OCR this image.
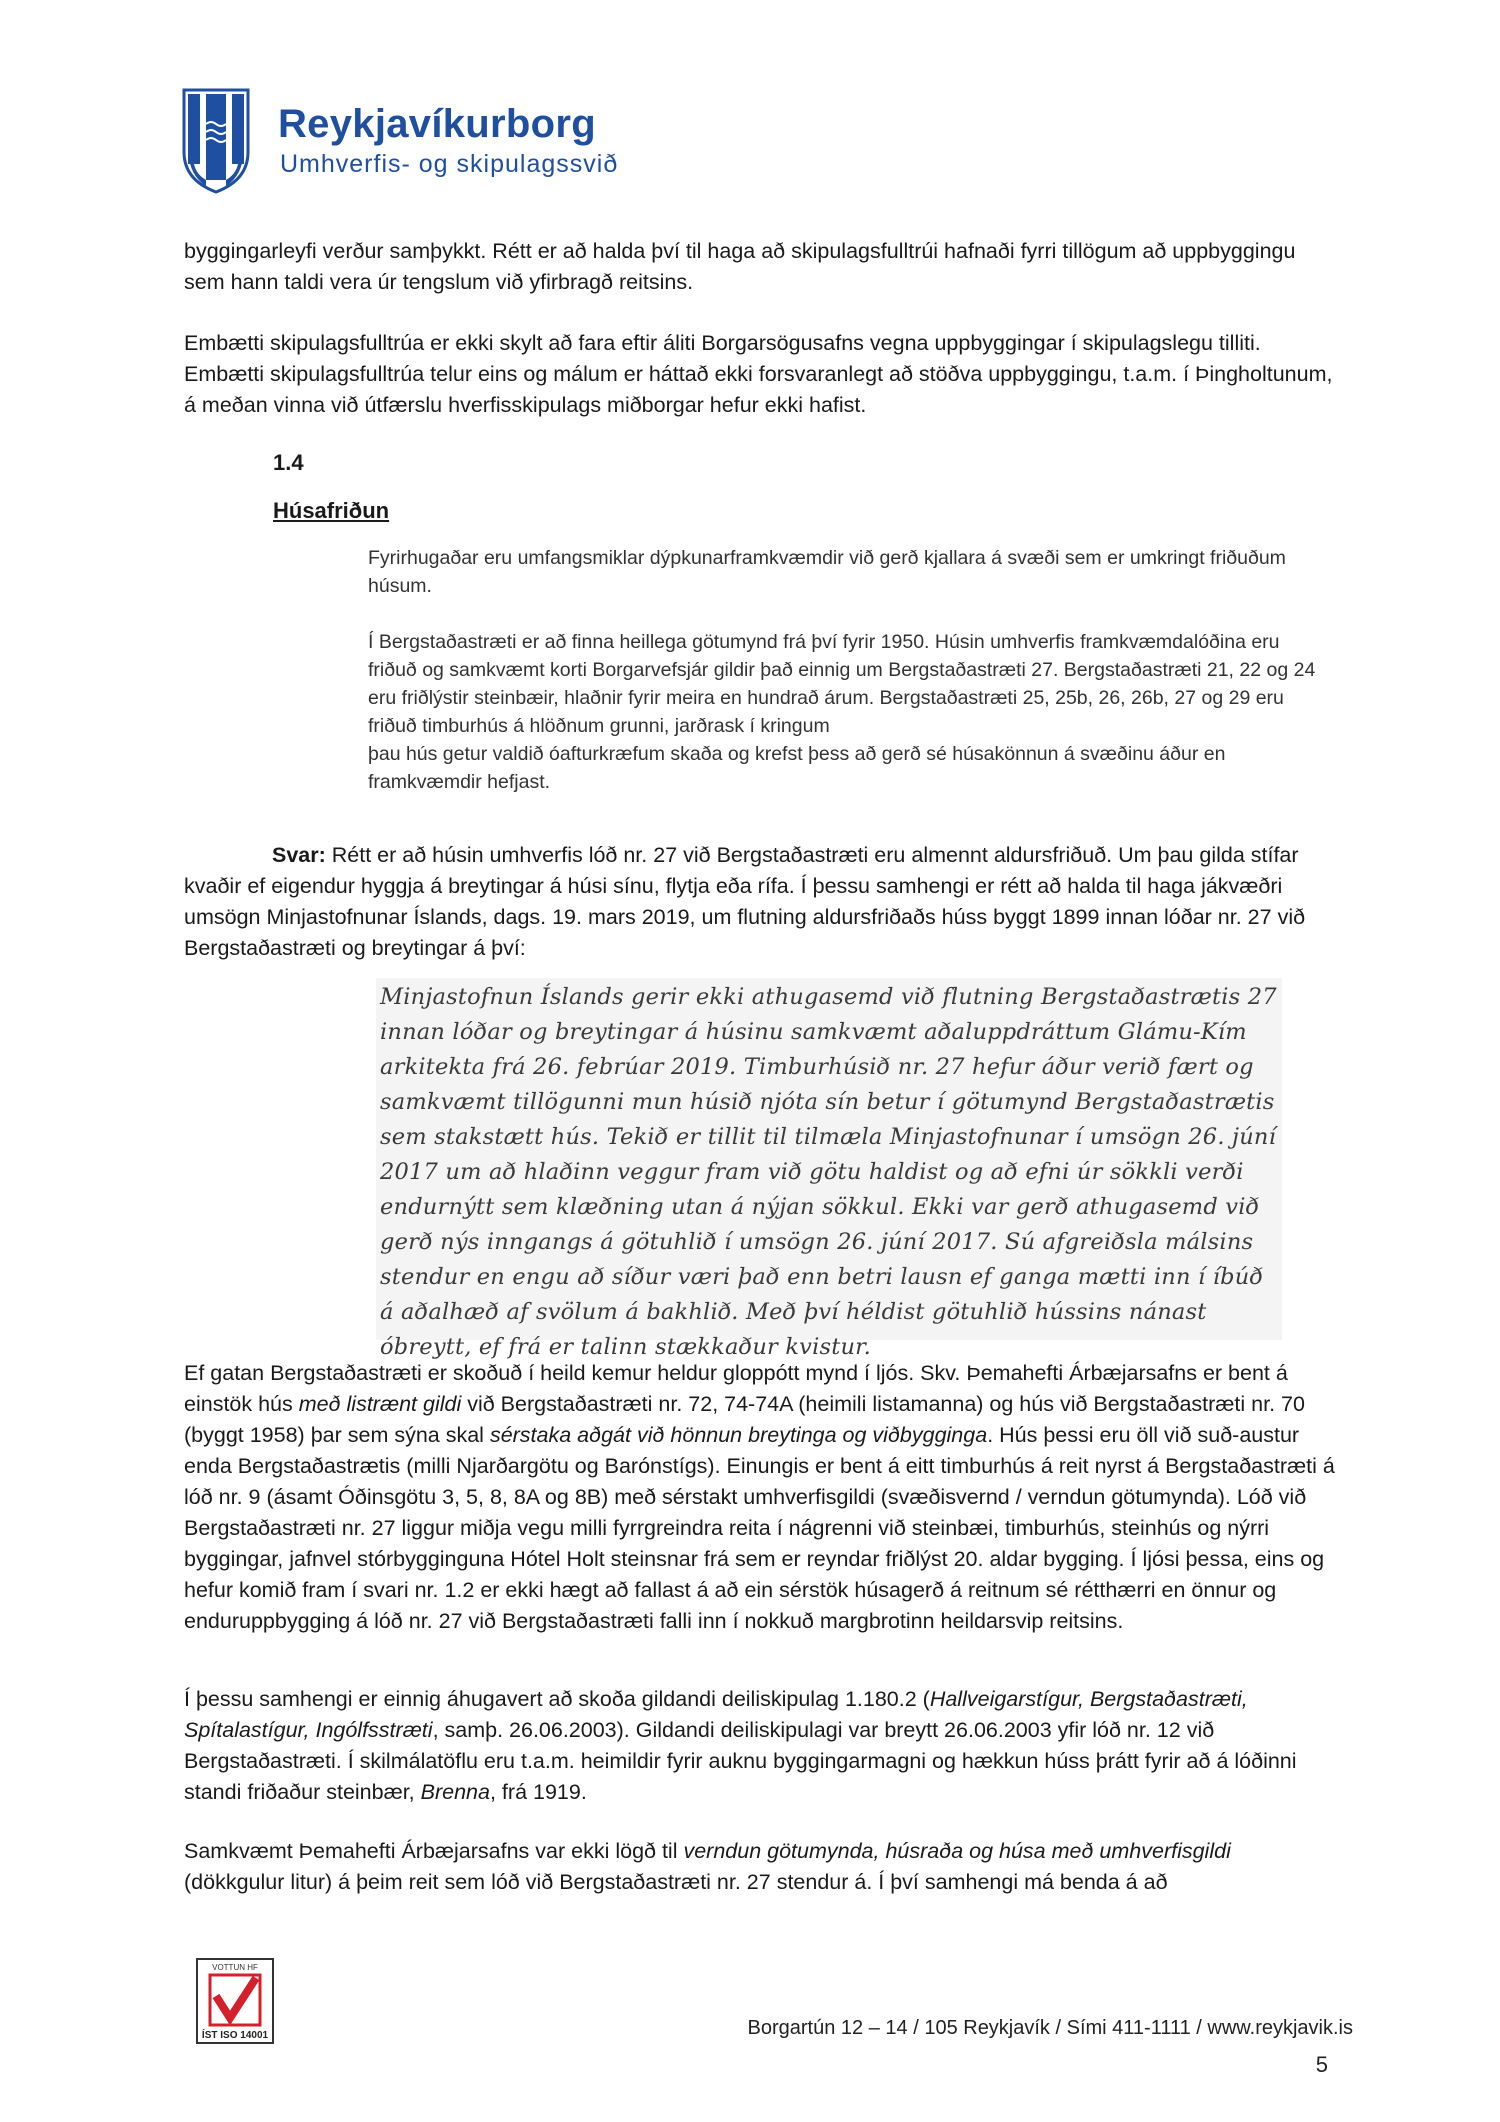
Reykjavíkurborg
Umhverfis- og skipulagssvið

byggingarleyfi verður samþykkt. Rétt er að halda því til haga að skipulagsfulltrúi hafnaði fyrri tillögum að uppbyggingu sem hann taldi vera úr tengslum við yfirbragð reitsins.

Embætti skipulagsfulltrúa er ekki skylt að fara eftir áliti Borgarsögusafns vegna uppbyggingar í skipulagslegu tilliti. Embætti skipulagsfulltrúa telur eins og málum er háttað ekki forsvaranlegt að stöðva uppbyggingu, t.a.m. í Þingholtunum, á meðan vinna við útfærslu hverfisskipulags miðborgar hefur ekki hafist.

1.4
Húsafriðun

Fyrirhugaðar eru umfangsmiklar dýpkunarframkvæmdir við gerð kjallara á svæði sem er umkringt friðuðum húsum.

Í Bergstaðastræti er að finna heillega götumynd frá því fyrir 1950. Húsin umhverfis framkvæmdalóðina eru friðuð og samkvæmt korti Borgarvefsjár gildir það einnig um Bergstaðastræti 27. Bergstaðastræti 21, 22 og 24 eru friðlýstir steinbæir, hlaðnir fyrir meira en hundrað árum. Bergstaðastræti 25, 25b, 26, 26b, 27 og 29 eru friðuð timburhús á hlöðnum grunni, jarðrask í kringum

þau hús getur valdið óafturkræfum skaða og krefst þess að gerð sé húsakönnun á svæðinu áður en framkvæmdir hefjast.

Svar: Rétt er að húsin umhverfis lóð nr. 27 við Bergstaðastræti eru almennt aldursfriðuð. Um þau gilda stífar kvaðir ef eigendur hyggja á breytingar á húsi sínu, flytja eða rífa. Í þessu samhengi er rétt að halda til haga jákvæðri umsögn Minjastofnunar Íslands, dags. 19. mars 2019, um flutning aldursfriðaðs húss byggt 1899 innan lóðar nr. 27 við Bergstaðastræti og breytingar á því:

Minjastofnun Íslands gerir ekki athugasemd við flutning Bergstaðastrætis 27 innan lóðar og breytingar á húsinu samkvæmt aðaluppdráttum Glámu-Kím arkitekta frá 26. febrúar 2019. Timburhúsið nr. 27 hefur áður verið fært og samkvæmt tillögunni mun húsið njóta sín betur í götumynd Bergstaðastrætis sem stakstætt hús. Tekið er tillit til tilmæla Minjastofnunar í umsögn 26. júní 2017 um að hlaðinn veggur fram við götu haldist og að efni úr sökkli verði endurnýtt sem klæðning utan á nýjan sökkul. Ekki var gerð athugasemd við gerð nýs inngangs á götuhlið í umsögn 26. júní 2017. Sú afgreiðsla málsins stendur en engu að síður væri það enn betri lausn ef ganga mætti inn í íbúð á aðalhæð af svölum á bakhlið. Með því héldist götuhlið hússins nánast óbreytt, ef frá er talinn stækkaður kvistur.

Ef gatan Bergstaðastræti er skoðuð í heild kemur heldur gloppótt mynd í ljós. Skv. Þemahefti Árbæjarsafns er bent á einstök hús með listrænt gildi við Bergstaðastræti nr. 72, 74-74A (heimili listamanna) og hús við Bergstaðastræti nr. 70 (byggt 1958) þar sem sýna skal sérstaka aðgát við hönnun breytinga og viðbygginga. Hús þessi eru öll við suð-austur enda Bergstaðastrætis (milli Njarðargötu og Barónstígs). Einungis er bent á eitt timburhús á reit nyrst á Bergstaðastræti á lóð nr. 9 (ásamt Óðinsgötu 3, 5, 8, 8A og 8B) með sérstakt umhverfisgildi (svæðisvernd / verndun götumynda). Lóð við Bergstaðastræti nr. 27 liggur miðja vegu milli fyrrgreindra reita í nágrenni við steinbæi, timburhús, steinhús og nýrri byggingar, jafnvel stórbygginguna Hótel Holt steinsnar frá sem er reyndar friðlýst 20. aldar bygging. Í ljósi þessa, eins og hefur komið fram í svari nr. 1.2 er ekki hægt að fallast á að ein sérstök húsagerð á reitnum sé rétthærri en önnur og enduruppbygging á lóð nr. 27 við Bergstaðastræti falli inn í nokkuð margbrotinn heildarsvip reitsins.

Í þessu samhengi er einnig áhugavert að skoða gildandi deiliskipulag 1.180.2 (Hallveigarstígur, Bergstaðastræti, Spítalastígur, Ingólfsstræti, samþ. 26.06.2003). Gildandi deiliskipulagi var breytt 26.06.2003 yfir lóð nr. 12 við Bergstaðastræti. Í skilmálatöflu eru t.a.m. heimildir fyrir auknu byggingarmagni og hækkun húss þrátt fyrir að á lóðinni standi friðaður steinbær, Brenna, frá 1919.

Samkvæmt Þemahefti Árbæjarsafns var ekki lögð til verndun götumynda, húsraða og húsa með umhverfisgildi (dökkgulur litur) á þeim reit sem lóð við Bergstaðastræti nr. 27 stendur á. Í því samhengi má benda á að

VOTTUN HF
ÍST ISO 14001	Borgartún 12 – 14 / 105 Reykjavík / Sími 411-1111 / www.reykjavik.is
5
